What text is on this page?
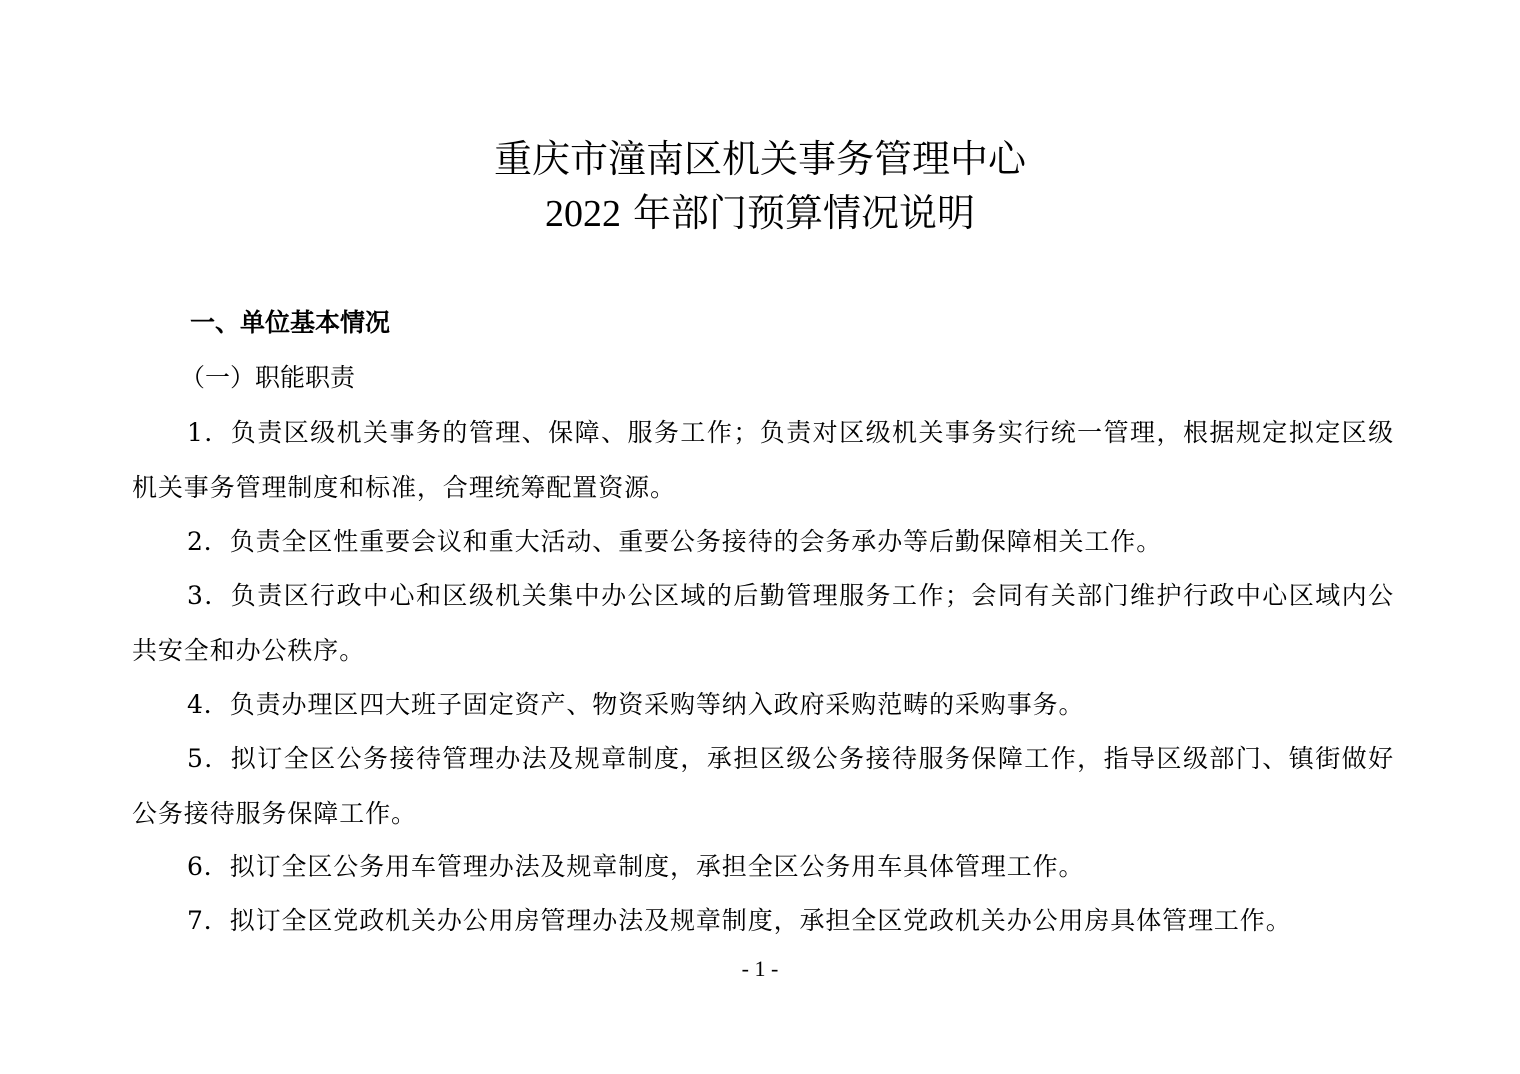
重庆市潼南区机关事务管理中心
2022 年部门预算情况说明
一、单位基本情况
（一）职能职责

1．负责区级机关事务的管理、保障、服务工作；负责对区级机关事务实行统一管理，根据规定拟定区级机关事务管理制度和标准，合理统筹配置资源。

2．负责全区性重要会议和重大活动、重要公务接待的会务承办等后勤保障相关工作。

3．负责区行政中心和区级机关集中办公区域的后勤管理服务工作；会同有关部门维护行政中心区域内公共安全和办公秩序。

4．负责办理区四大班子固定资产、物资采购等纳入政府采购范畴的采购事务。

5．拟订全区公务接待管理办法及规章制度，承担区级公务接待服务保障工作，指导区级部门、镇街做好公务接待服务保障工作。

6．拟订全区公务用车管理办法及规章制度，承担全区公务用车具体管理工作。

7．拟订全区党政机关办公用房管理办法及规章制度，承担全区党政机关办公用房具体管理工作。

- 1 -
